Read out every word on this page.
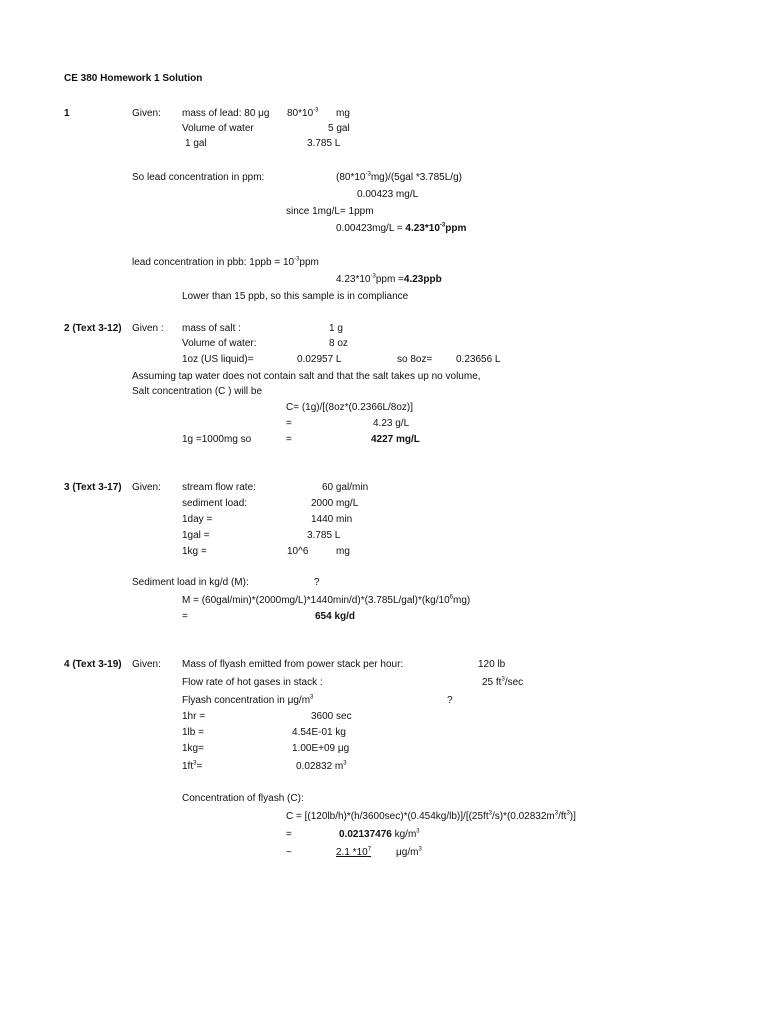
CE 380 Homework 1 Solution
1	Given: mass of lead: 80 μg $80*10^{-3}$ mg
Volume of water	5 gal
1 gal	3.785 L
So lead concentration in ppm:	$(80*10^{-3}mg)/(5gal$ *3.785L/g)
0.00423 mg/L
since 1mg/L= 1ppm
$0.00423mg/L = 4.23*10^{-3}ppm$
lead concentration in pbb: $1ppb = 10^{-3}ppm$
$4.23*10^{-3}ppm =4.23ppb$
Lower than 15 ppb, so this sample is in compliance
2 (Text 3-12) Given : mass of salt :	1 g
Volume of water:	8 oz
1oz (US liquid)=	0.02957 L	so 8oz= 0.23656 L
Assuming tap water does not contain salt and that the salt takes up no volume,
Salt concentration (C ) will be
C= (1g)/[(8oz*(0.2366L/8oz)]
=	4.23 g/L
1g =1000mg so	=	4227 mg/L
3 (Text 3-17) Given: stream flow rate:	60 gal/min
sediment load:	2000 mg/L
1day =	1440 min
1gal =	3.785 L
1kg =	10^6	mg
Sediment load in kg/d (M):	?
$M = (60gal/\min)*(2000mg/L)*1440\min/d)*(3.785L/gal)*(kg/10^6mg)$
=	654 kg/d
4 (Text 3-19) Given: Mass of flyash emitted from power stack per hour:	120 lb
Flow rate of hot gases in stack :	25 $ft^3/\sec$
Flyash concentration in $\mu g/m^3$	?
1hr =	3600 sec
1lb =	4.54E-01 kg
1kg=	1.00E+09 μg
$1ft^3=$	0.02832 $m^3$
Concentration of flyash (C):
$C = [(120lb/h)*(h/3600\sec)*(0.454kg/lb)]/[(25ft^3/s)*(0.02832m^3/ft^3)]$
=	0.02137476 $kg/m^3$
~	2.1 $*10^7$ $\mu g/m^3$
